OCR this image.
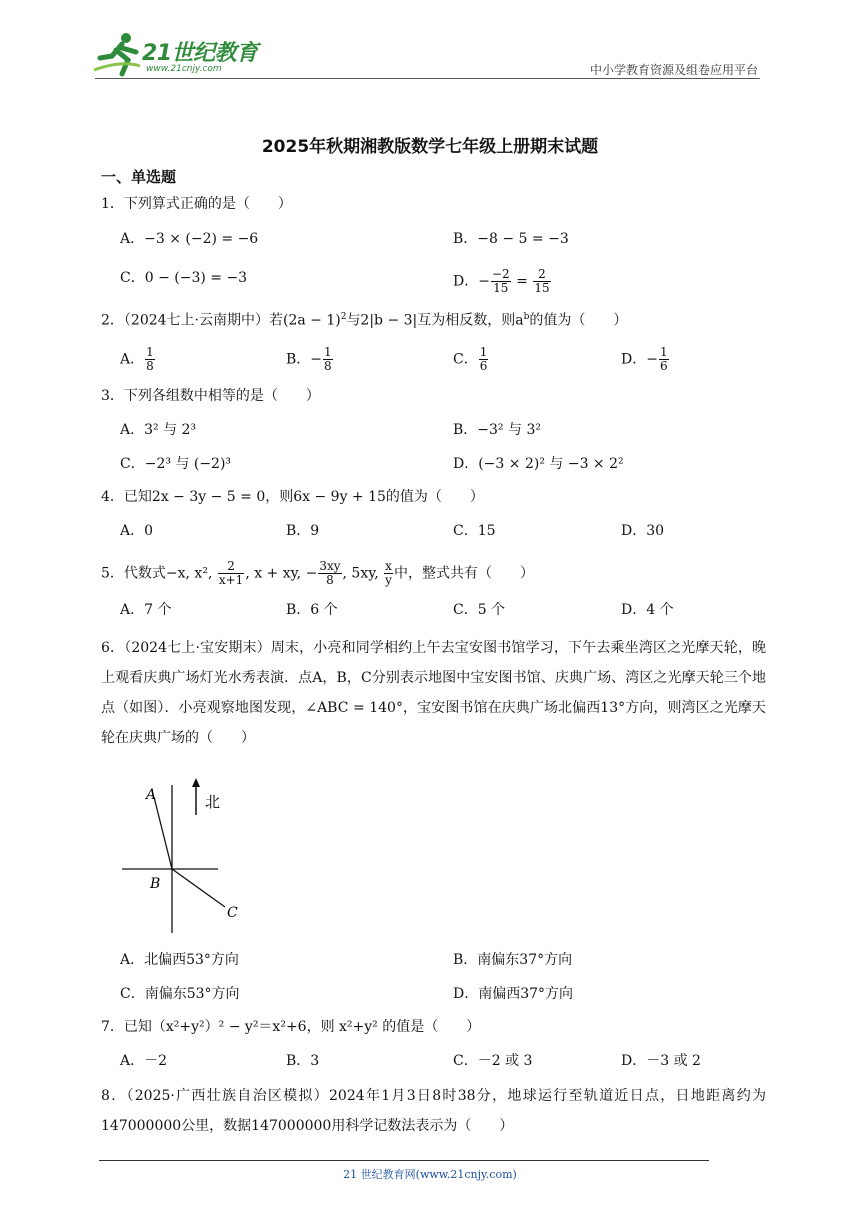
21世纪教育
www.21cnjy.com	中小学教育资源及组卷应用平台
2025年秋期湘教版数学七年级上册期末试题
一、单选题
1．下列算式正确的是（　　）
A．−3 × (−2) = −6	B．−8 − 5 = −3
C．0 − (−3) = −3	D．− $\frac{-2}{15} = \frac{2}{15}$
2．（2024七上·云南期中）若$(2a - 1)^2$与2|b − 3|互为相反数，则$a^b$的值为（　　）
A． $\frac{1}{8}$	B．− $\frac{1}{8}$	C． $\frac{1}{6}$	D．− $\frac{1}{6}$
3．下列各组数中相等的是（　　）
A．3² 与 2³	B．−3² 与 3²
C．−2³ 与 (−2)³	D．(−3 × 2)² 与 −3 × 2²
4．已知2x − 3y − 5 = 0，则6x − 9y + 15的值为（　　）
A．0	B．9	C．15	D．30
5．代数式−x, x², $\frac{2}{x+1}$ , x + xy, − $\frac{3xy}{8}$ , 5xy, $\frac{x}{y}$ 中，整式共有（　　）
A．7 个	B．6 个	C．5 个	D．4 个
6．（2024七上·宝安期末）周末，小亮和同学相约上午去宝安图书馆学习，下午去乘坐湾区之光摩天轮，晚上观看庆典广场灯光水秀表演．点A，B，C分别表示地图中宝安图书馆、庆典广场、湾区之光摩天轮三个地点（如图）．小亮观察地图发现，∠ABC = 140°，宝安图书馆在庆典广场北偏西13°方向，则湾区之光摩天轮在庆典广场的（　　）
北
A
B
C
A．北偏西53°方向	B．南偏东37°方向
C．南偏东53°方向	D．南偏西37°方向
7．已知（x²+y²）² − y²＝x²+6，则 x²+y² 的值是（　　）
A．－2	B．3	C．－2 或 3	D．－3 或 2
8．（2025·广西壮族自治区模拟）2024年1月3日8时38分，地球运行至轨道近日点，日地距离约为147000000公里，数据147000000用科学记数法表示为（　　）
21 世纪教育网(www.21cnjy.com)
